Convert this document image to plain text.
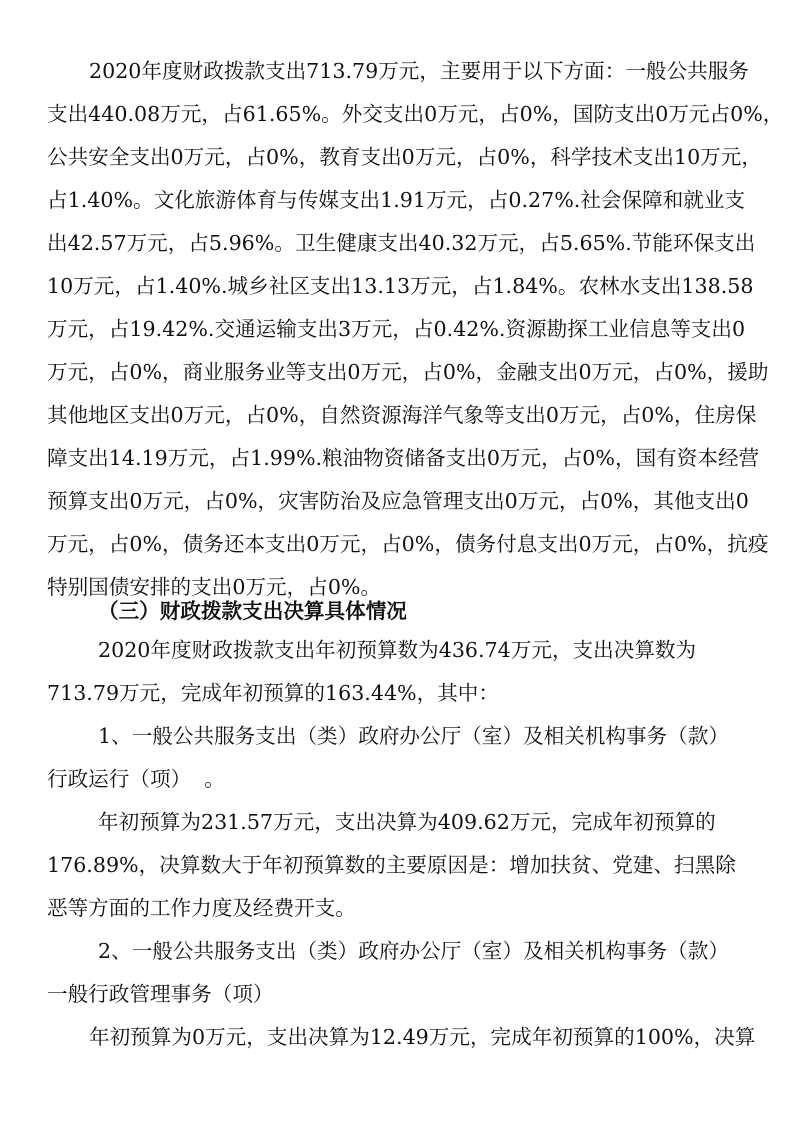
2020年度财政拨款支出713.79万元，主要用于以下方面：一般公共服务
支出440.08万元，占61.65%。外交支出0万元，占0%，国防支出0万元占0%，
公共安全支出0万元，占0%，教育支出0万元，占0%，科学技术支出10万元，
占1.40%。文化旅游体育与传媒支出1.91万元，占0.27%.社会保障和就业支
出42.57万元，占5.96%。卫生健康支出40.32万元，占5.65%.节能环保支出
10万元，占1.40%.城乡社区支出13.13万元，占1.84%。农林水支出138.58
万元，占19.42%.交通运输支出3万元，占0.42%.资源勘探工业信息等支出0
万元，占0%，商业服务业等支出0万元，占0%，金融支出0万元，占0%，援助
其他地区支出0万元，占0%，自然资源海洋气象等支出0万元，占0%，住房保
障支出14.19万元，占1.99%.粮油物资储备支出0万元，占0%，国有资本经营
预算支出0万元，占0%，灾害防治及应急管理支出0万元，占0%，其他支出0
万元，占0%，债务还本支出0万元，占0%，债务付息支出0万元，占0%，抗疫
特别国债安排的支出0万元，占0%。
（三）财政拨款支出决算具体情况
2020年度财政拨款支出年初预算数为436.74万元，支出决算数为
713.79万元，完成年初预算的163.44%，其中：
1、一般公共服务支出（类）政府办公厅（室）及相关机构事务（款）
行政运行（项）  。
年初预算为231.57万元，支出决算为409.62万元，完成年初预算的
176.89%，决算数大于年初预算数的主要原因是：增加扶贫、党建、扫黑除
恶等方面的工作力度及经费开支。
2、一般公共服务支出（类）政府办公厅（室）及相关机构事务（款）
一般行政管理事务（项）
年初预算为0万元，支出决算为12.49万元，完成年初预算的100%，决算
